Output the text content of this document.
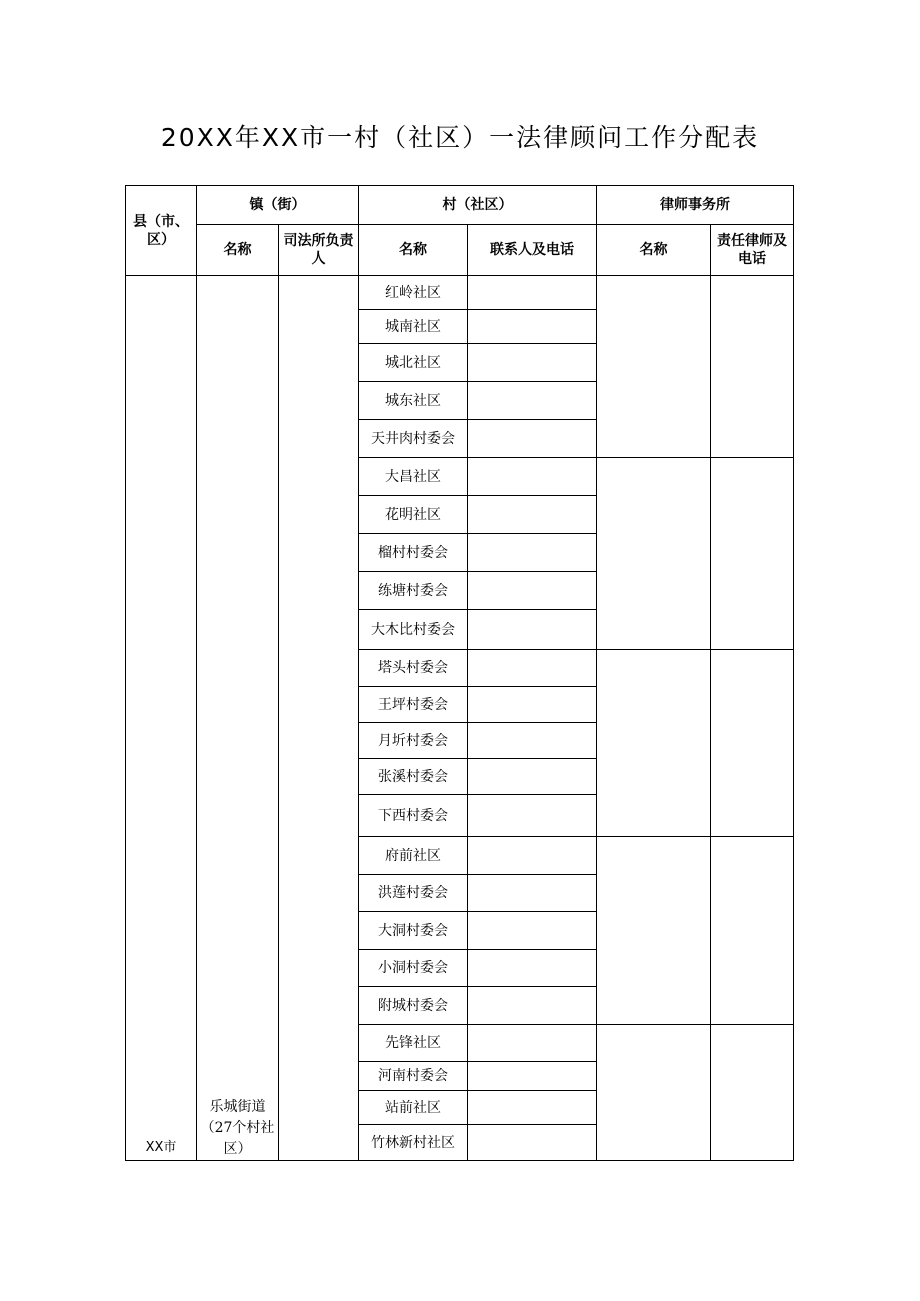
20XX年XX市一村（社区）一法律顾问工作分配表
县（市、区）	镇（街）		村（社区）		律师事务所	
	名称	司法所负责人	名称	联系人及电话	名称	责任律师及电话
XX市	乐城街道（27个村社区）		红岭社区			
			城南社区			
			城北社区			
			城东社区			
			天井肉村委会			
			大昌社区			
			花明社区			
			榴村村委会			
			练塘村委会			
			大木比村委会			
			塔头村委会			
			王坪村委会			
			月圻村委会			
			张溪村委会			
			下西村委会			
			府前社区			
			洪莲村委会			
			大洞村委会			
			小洞村委会			
			附城村委会			
			先锋社区			
			河南村委会			
			站前社区			
			竹林新村社区			
